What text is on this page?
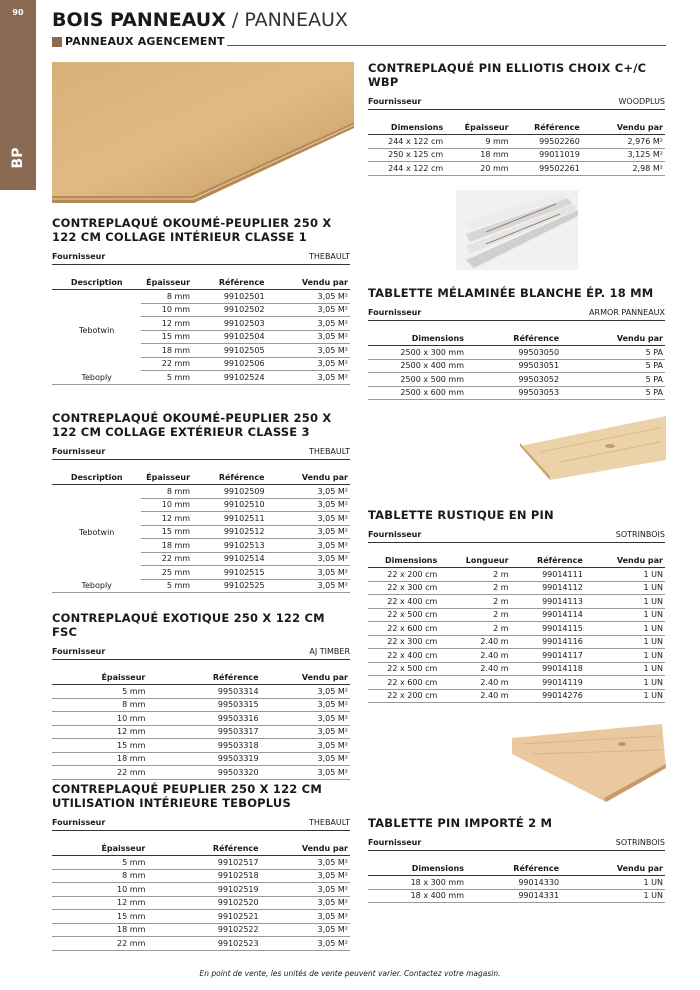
90
BP
BOIS PANNEAUX / PANNEAUX
PANNEAUX AGENCEMENT
CONTREPLAQUÉ OKOUMÉ-PEUPLIER 250 X 122 CM COLLAGE INTÉRIEUR CLASSE 1
Fournisseur	THEBAULT
Description	Épaisseur	Référence	Vendu par
Tebotwin	8 mm	99102501	3,05 M²
	10 mm	99102502	3,05 M²
	12 mm	99102503	3,05 M²
	15 mm	99102504	3,05 M²
	18 mm	99102505	3,05 M²
	22 mm	99102506	3,05 M²
Teboply	5 mm	99102524	3,05 M²
CONTREPLAQUÉ OKOUMÉ-PEUPLIER 250 X 122 CM COLLAGE EXTÉRIEUR CLASSE 3
Fournisseur	THEBAULT
Description	Épaisseur	Référence	Vendu par
Tebotwin	8 mm	99102509	3,05 M²
	10 mm	99102510	3,05 M²
	12 mm	99102511	3,05 M²
	15 mm	99102512	3,05 M²
	18 mm	99102513	3,05 M²
	22 mm	99102514	3,05 M²
	25 mm	99102515	3,05 M²
Teboply	5 mm	99102525	3,05 M²
CONTREPLAQUÉ EXOTIQUE 250 X 122 CM FSC
Fournisseur	AJ TIMBER
Épaisseur	Référence	Vendu par
5 mm	99503314	3,05 M²
8 mm	99503315	3,05 M²
10 mm	99503316	3,05 M²
12 mm	99503317	3,05 M²
15 mm	99503318	3,05 M²
18 mm	99503319	3,05 M²
22 mm	99503320	3,05 M²
CONTREPLAQUÉ PEUPLIER 250 X 122 CM UTILISATION INTÉRIEURE TEBOPLUS
Fournisseur	THEBAULT
Épaisseur	Référence	Vendu par
5 mm	99102517	3,05 M²
8 mm	99102518	3,05 M²
10 mm	99102519	3,05 M²
12 mm	99102520	3,05 M²
15 mm	99102521	3,05 M²
18 mm	99102522	3,05 M²
22 mm	99102523	3,05 M²
CONTREPLAQUÉ PIN ELLIOTIS CHOIX C+/C WBP
Fournisseur	WOODPLUS
Dimensions	Épaisseur	Référence	Vendu par
244 x 122 cm	9 mm	99502260	2,976 M²
250 x 125 cm	18 mm	99011019	3,125 M²
244 x 122 cm	20 mm	99502261	2,98 M²
TABLETTE MÉLAMINÉE BLANCHE ÉP. 18 MM
Fournisseur	ARMOR PANNEAUX
Dimensions	Référence	Vendu par
2500 x 300 mm	99503050	5 PA
2500 x 400 mm	99503051	5 PA
2500 x 500 mm	99503052	5 PA
2500 x 600 mm	99503053	5 PA
TABLETTE RUSTIQUE EN PIN
Fournisseur	SOTRINBOIS
Dimensions	Longueur	Référence	Vendu par
22 x 200 cm	2 m	99014111	1 UN
22 x 300 cm	2 m	99014112	1 UN
22 x 400 cm	2 m	99014113	1 UN
22 x 500 cm	2 m	99014114	1 UN
22 x 600 cm	2 m	99014115	1 UN
22 x 300 cm	2.40 m	99014116	1 UN
22 x 400 cm	2.40 m	99014117	1 UN
22 x 500 cm	2.40 m	99014118	1 UN
22 x 600 cm	2.40 m	99014119	1 UN
22 x 200 cm	2.40 m	99014276	1 UN
TABLETTE PIN IMPORTÉ 2 M
Fournisseur	SOTRINBOIS
Dimensions	Référence	Vendu par
18 x 300 mm	99014330	1 UN
18 x 400 mm	99014331	1 UN
En point de vente, les unités de vente peuvent varier. Contactez votre magasin.
